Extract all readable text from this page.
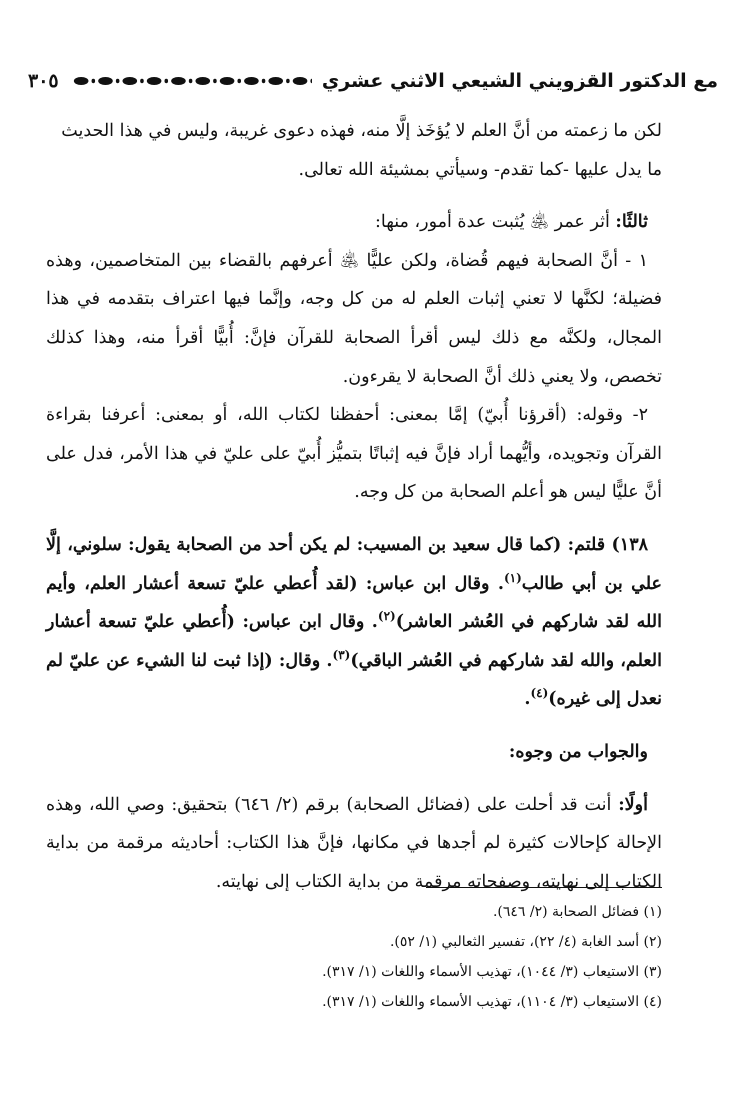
مع الدكتور القزويني الشيعي الاثني عشري
٣٠٥

لكن ما زعمته من أنَّ العلم لا يُؤخَذ إلَّا منه، فهذه دعوى غريبة، وليس في هذا الحديث
ما يدل عليها -كما تقدم- وسيأتي بمشيئة الله تعالى.

ثالثًا: أثر عمر ﵁ يُثبت عدة أمور، منها:

١ - أنَّ الصحابة فيهم قُضاة، ولكن عليًّا ﵁ أعرفهم بالقضاء بين المتخاصمين، وهذه فضيلة؛ لكنَّها لا تعني إثبات العلم له من كل وجه، وإنَّما فيها اعتراف بتقدمه في هذا المجال، ولكنَّه مع ذلك ليس أقرأ الصحابة للقرآن فإنَّ: أُبيًّا أقرأ منه، وهذا كذلك تخصص، ولا يعني ذلك أنَّ الصحابة لا يقرءون.

٢- وقوله: (أقرؤنا أُبيّ) إمَّا بمعنى: أحفظنا لكتاب الله، أو بمعنى: أعرفنا بقراءة القرآن وتجويده، وأيُّهما أراد فإنَّ فيه إثباتًا بتميُّز أُبيّ على عليّ في هذا الأمر، فدل على أنَّ عليًّا ليس هو أعلم الصحابة من كل وجه.

١٣٨) قلتم: (كما قال سعيد بن المسيب: لم يكن أحد من الصحابة يقول: سلوني، إلَّا علي بن أبي طالب$^{(١)}$. وقال ابن عباس: (لقد أُعطي عليّ تسعة أعشار العلم، وأيم الله لقد شاركهم في العُشر العاشر)$^{(٢)}$. وقال ابن عباس: (أُعطي عليّ تسعة أعشار العلم، والله لقد شاركهم في العُشر الباقي)$^{(٣)}$. وقال: (إذا ثبت لنا الشيء عن عليّ لم نعدل إلى غيره)$^{(٤)}$.

والجواب من وجوه:

أولًا: أنت قد أحلت على (فضائل الصحابة) برقم (٢/ ٦٤٦) بتحقيق: وصي الله، وهذه الإحالة كإحالات كثيرة لم أجدها في مكانها، فإنَّ هذا الكتاب: أحاديثه مرقمة من بداية الكتاب إلى نهايته، وصفحاته مرقمة من بداية الكتاب إلى نهايته.

(١) فضائل الصحابة (٢/ ٦٤٦).

(٢) أسد الغابة (٤/ ٢٢)، تفسير الثعالبي (١/ ٥٢).

(٣) الاستيعاب (٣/ ١٠٤٤)، تهذيب الأسماء واللغات (١/ ٣١٧).

(٤) الاستيعاب (٣/ ١١٠٤)، تهذيب الأسماء واللغات (١/ ٣١٧).
